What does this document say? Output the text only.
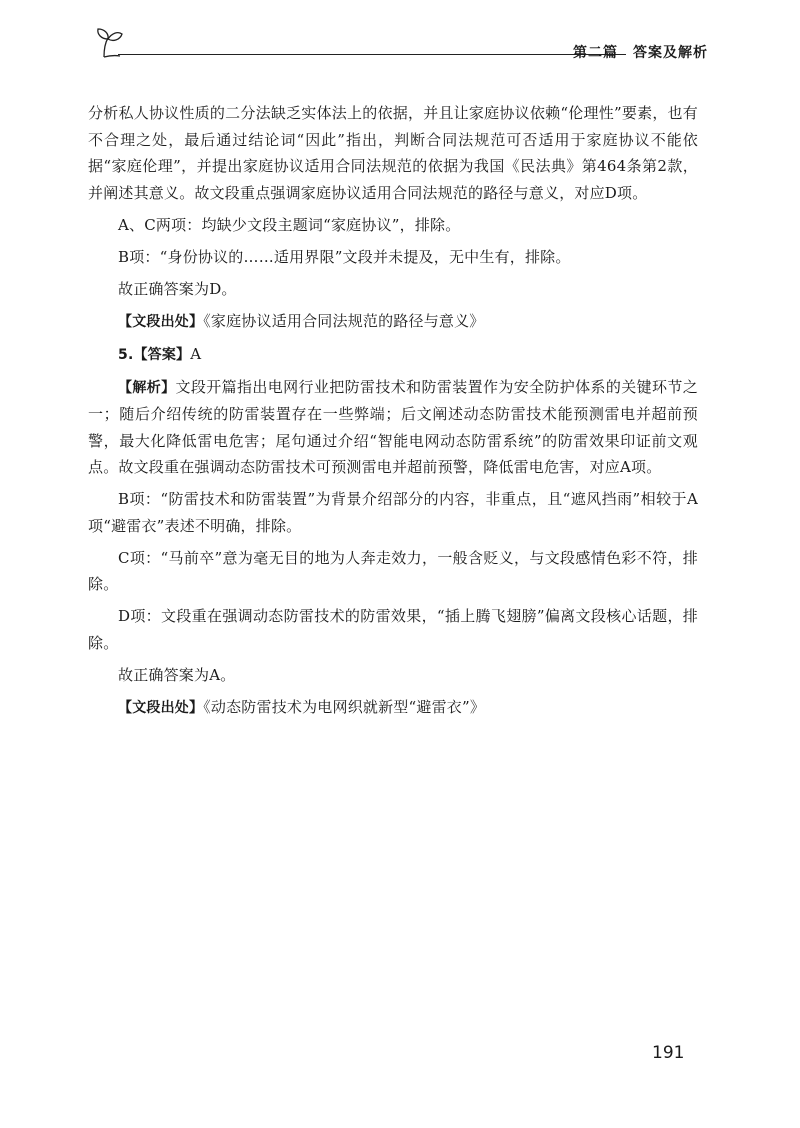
第二篇　答案及解析

分析私人协议性质的二分法缺乏实体法上的依据，并且让家庭协议依赖“伦理性”要素，也有不合理之处，最后通过结论词“因此”指出，判断合同法规范可否适用于家庭协议不能依据“家庭伦理”，并提出家庭协议适用合同法规范的依据为我国《民法典》第464条第2款，并阐述其意义。故文段重点强调家庭协议适用合同法规范的路径与意义，对应D项。

A、C两项：均缺少文段主题词“家庭协议”，排除。

B项：“身份协议的……适用界限”文段并未提及，无中生有，排除。

故正确答案为D。

【文段出处】《家庭协议适用合同法规范的路径与意义》

5.【答案】A

【解析】文段开篇指出电网行业把防雷技术和防雷装置作为安全防护体系的关键环节之一；随后介绍传统的防雷装置存在一些弊端；后文阐述动态防雷技术能预测雷电并超前预警，最大化降低雷电危害；尾句通过介绍“智能电网动态防雷系统”的防雷效果印证前文观点。故文段重在强调动态防雷技术可预测雷电并超前预警，降低雷电危害，对应A项。

B项：“防雷技术和防雷装置”为背景介绍部分的内容，非重点，且“遮风挡雨”相较于A项“避雷衣”表述不明确，排除。

C项：“马前卒”意为毫无目的地为人奔走效力，一般含贬义，与文段感情色彩不符，排除。

D项：文段重在强调动态防雷技术的防雷效果，“插上腾飞翅膀”偏离文段核心话题，排除。

故正确答案为A。

【文段出处】《动态防雷技术为电网织就新型“避雷衣”》

191
